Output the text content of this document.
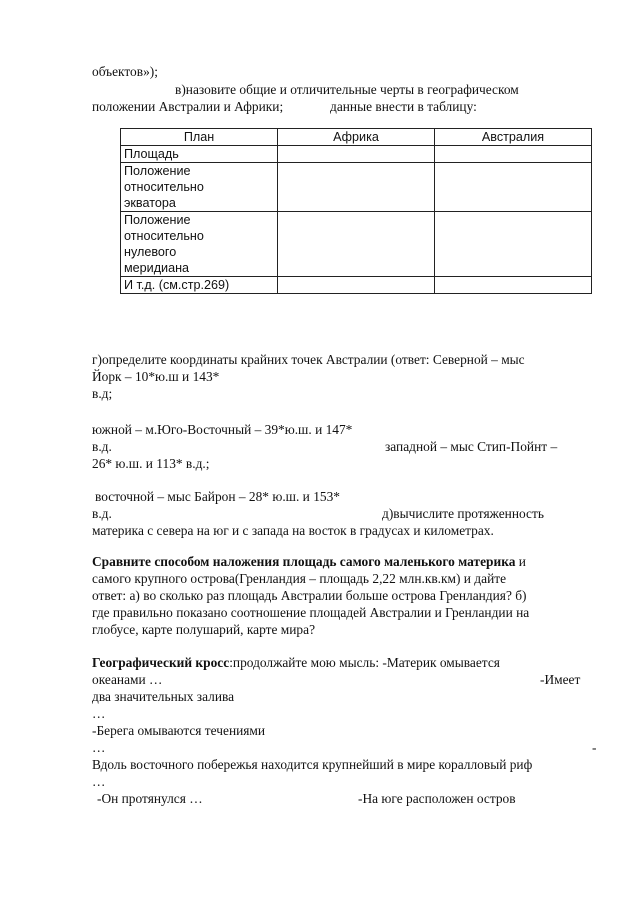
объектов»);
в)назовите общие и отличительные черты в географическом
положении Австралии и Африки;	данные внести в таблицу:
План	Африка	Австралия
Площадь		

Положение
относительно
экватора		

Положение
относительно
нулевого
меридиана		

И т.д. (см.стр.269)		
г)определите координаты крайних точек Австралии (ответ: Северной – мыс
Йорк – 10*ю.ш и 143*
в.д;
южной – м.Юго-Восточный – 39*ю.ш. и 147*
в.д.	западной – мыс Стип-Пойнт –
26* ю.ш. и 113* в.д.;
восточной – мыс Байрон – 28* ю.ш. и 153*
в.д.	д)вычислите протяженность
материка с севера на юг и с запада на восток в градусах и километрах.
Сравните способом наложения площадь самого маленького материка и
самого крупного острова(Гренландия – площадь 2,22 млн.кв.км) и дайте
ответ: а) во сколько раз площадь Австралии больше острова Гренландия? б)
где правильно показано соотношение площадей Австралии и Гренландии на
глобусе, карте полушарий, карте мира?
Географический кросс:продолжайте мою мысль: -Материк омывается
океанами …	-Имеет
два значительных залива
…
-Берега омываются течениями
…	-
Вдоль восточного побережья находится крупнейший в мире коралловый риф
…
-Он протянулся …	-На юге расположен остров
